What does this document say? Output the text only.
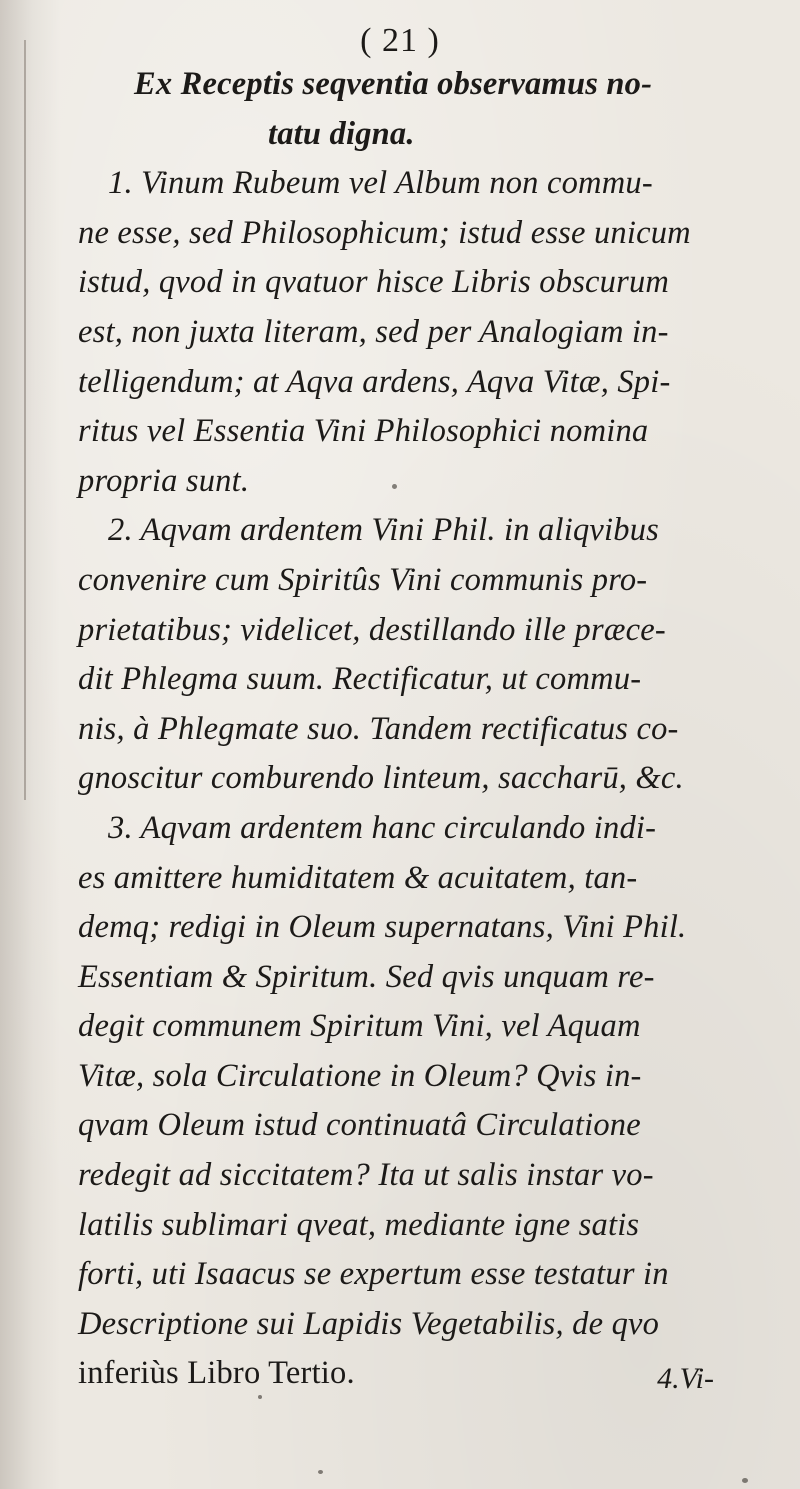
( 21 )
Ex Receptis seqventia observamus no-
tatu digna.
1. Vinum Rubeum vel Album non commu-
ne esse, sed Philosophicum; istud esse unicum
istud, qvod in qvatuor hisce Libris obscurum
est, non juxta literam, sed per Analogiam in-
telligendum; at Aqva ardens, Aqva Vitæ, Spi-
ritus vel Essentia Vini Philosophici nomina
propria sunt.
2. Aqvam ardentem Vini Phil. in aliqvibus
convenire cum Spiritûs Vini communis pro-
prietatibus; videlicet, destillando ille præce-
dit Phlegma suum. Rectificatur, ut commu-
nis, à Phlegmate suo. Tandem rectificatus co-
gnoscitur comburendo linteum, saccharū, &c.
3. Aqvam ardentem hanc circulando indi-
es amittere humiditatem & acuitatem, tan-
demq; redigi in Oleum supernatans, Vini Phil.
Essentiam & Spiritum. Sed qvis unquam re-
degit communem Spiritum Vini, vel Aquam
Vitæ, sola Circulatione in Oleum? Qvis in-
qvam Oleum istud continuatâ Circulatione
redegit ad siccitatem? Ita ut salis instar vo-
latilis sublimari qveat, mediante igne satis
forti, uti Isaacus se expertum esse testatur in
Descriptione sui Lapidis Vegetabilis, de qvo
inferiùs Libro Tertio.	4.Vi-
